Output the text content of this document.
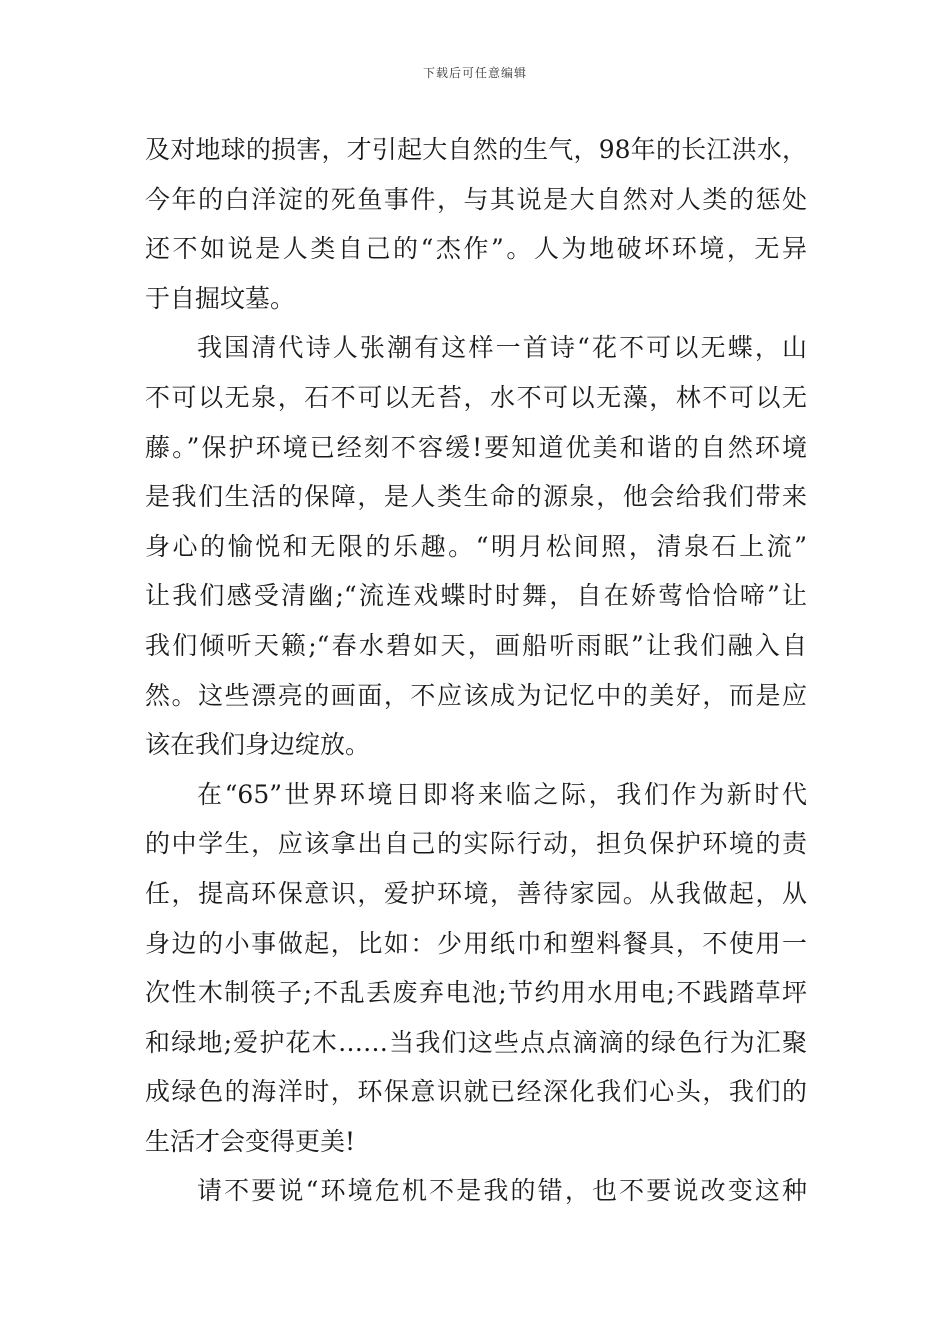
下载后可任意编辑
及对地球的损害，才引起大自然的生气，98年的长江洪水，
今年的白洋淀的死鱼事件，与其说是大自然对人类的惩处
还不如说是人类自己的“杰作”。人为地破坏环境，无异
于自掘坟墓。
我国清代诗人张潮有这样一首诗“花不可以无蝶，山
不可以无泉，石不可以无苔，水不可以无藻，林不可以无
藤。”保护环境已经刻不容缓!要知道优美和谐的自然环境
是我们生活的保障，是人类生命的源泉，他会给我们带来
身心的愉悦和无限的乐趣。“明月松间照，清泉石上流”
让我们感受清幽;“流连戏蝶时时舞，自在娇莺恰恰啼”让
我们倾听天籁;“春水碧如天，画船听雨眠”让我们融入自
然。这些漂亮的画面，不应该成为记忆中的美好，而是应
该在我们身边绽放。
在“65”世界环境日即将来临之际，我们作为新时代
的中学生，应该拿出自己的实际行动，担负保护环境的责
任，提高环保意识，爱护环境，善待家园。从我做起，从
身边的小事做起，比如：少用纸巾和塑料餐具，不使用一
次性木制筷子;不乱丢废弃电池;节约用水用电;不践踏草坪
和绿地;爱护花木……当我们这些点点滴滴的绿色行为汇聚
成绿色的海洋时，环保意识就已经深化我们心头，我们的
生活才会变得更美!
请不要说“环境危机不是我的错，也不要说改变这种
